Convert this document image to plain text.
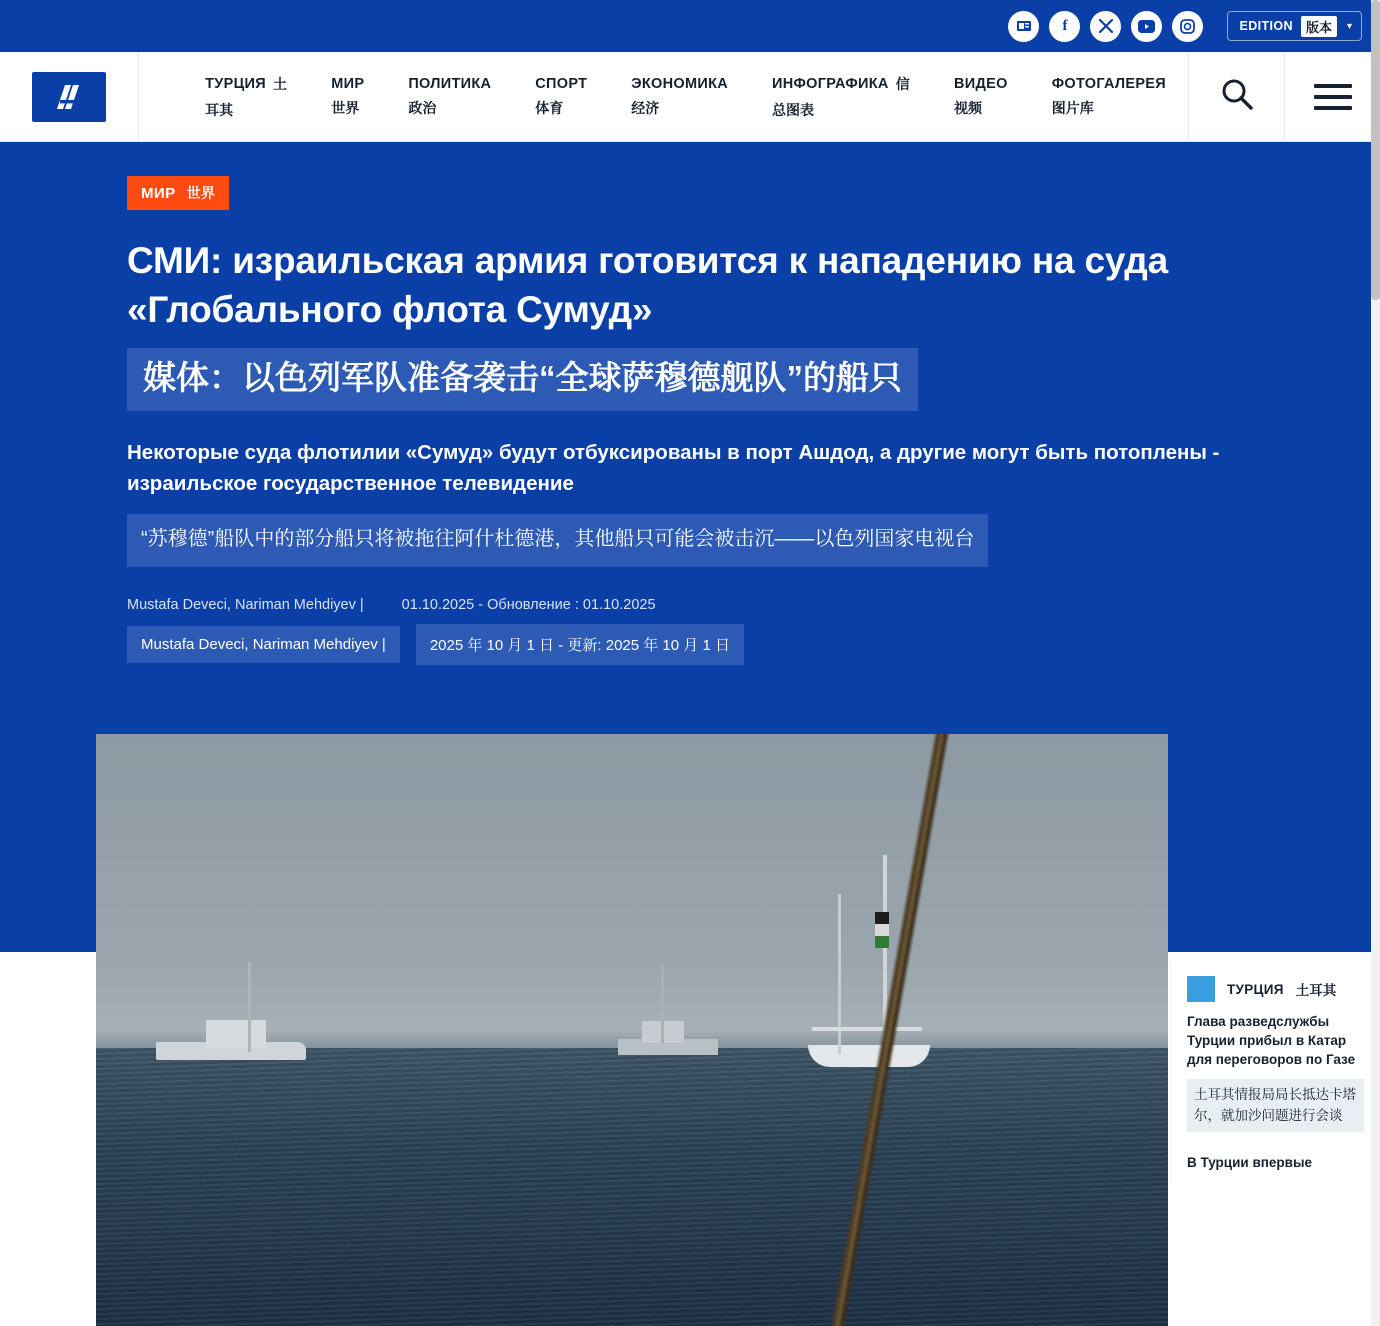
f	EDITION	版本	▾
ТУРЦИЯ 土
耳其
МИР
世界
ПОЛИТИКА
政治
СПОРТ
体育
ЭКОНОМИКА
经济
ИНФОГРАФИКА 信
总图表
ВИДЕО
视频
ФОТОГАЛЕРЕЯ
图片库
МИР 世界
СМИ: израильская армия готовится к нападению на суда «Глобального флота Сумуд»
媒体：以色列军队准备袭击“全球萨穆德舰队”的船只

Некоторые суда флотилии «Сумуд» будут отбуксированы в порт Ашдод, а другие могут быть потоплены - израильское государственное телевидение

“苏穆德”船队中的部分船只将被拖往阿什杜德港，其他船只可能会被击沉——以色列国家电视台
Mustafa Deveci, Nariman Mehdiyev |	01.10.2025 - Обновление : 01.10.2025
Mustafa Deveci, Nariman Mehdiyev |	2025 年 10 月 1 日 - 更新: 2025 年 10 月 1 日
ТУРЦИЯ 土耳其
Глава разведслужбы Турции прибыл в Катар для переговоров по Газе
土耳其情报局局长抵达卡塔尔，就加沙问题进行会谈
В Турции впервые
